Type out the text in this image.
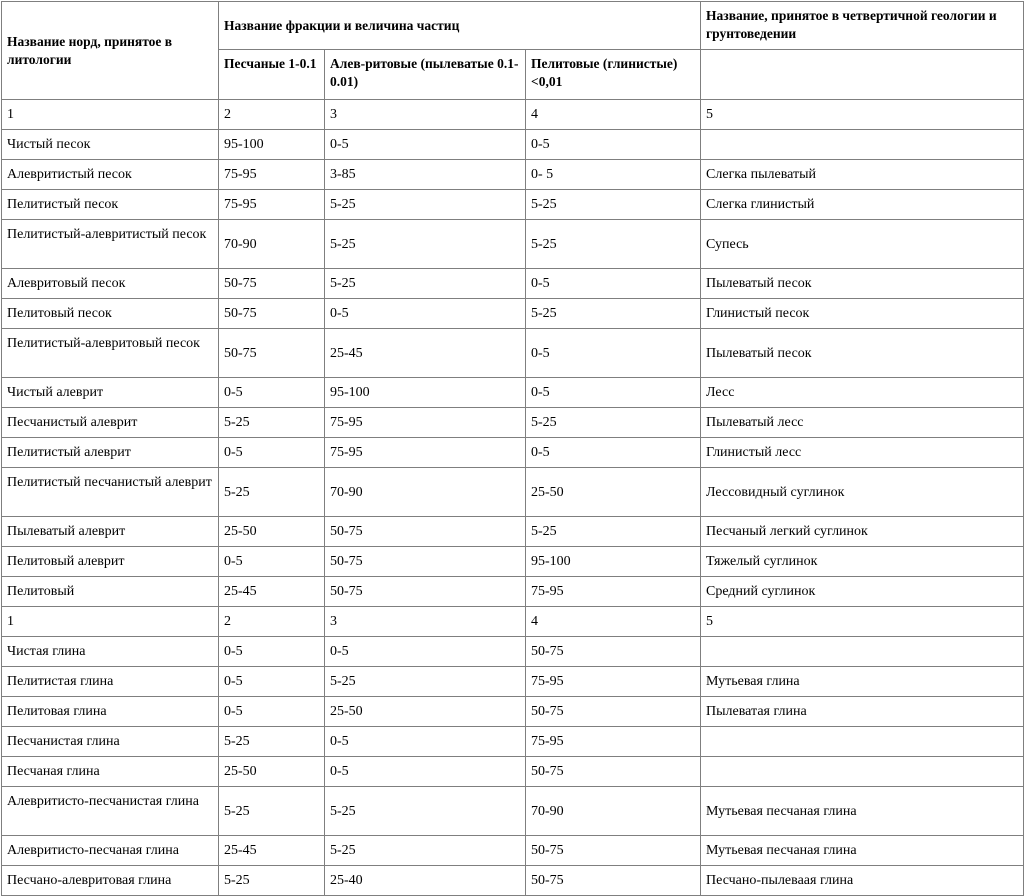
Название норд, принятое в литологии	Название фракции и величина частиц			Название, принятое в четвертичной геологии и грунтоведении
	Песчаные 1-0.1	Алев-ритовые (пылеватые 0.1-0.01)	Пелитовые (глинистые) <0,01	
1	2	3	4	5
Чистый песок	95-100	0-5	0-5	
Алевритистый песок	75-95	3-85	0- 5	Слегка пылеватый
Пелитистый песок	75-95	5-25	5-25	Слегка глинистый
Пелитистый-алевритистый песок	70-90	5-25	5-25	Супесь
Алевритовый песок	50-75	5-25	0-5	Пылеватый песок
Пелитовый песок	50-75	0-5	5-25	Глинистый песок
Пелитистый-алевритовый песок	50-75	25-45	0-5	Пылеватый песок
Чистый алеврит	0-5	95-100	0-5	Лесс
Песчанистый алеврит	5-25	75-95	5-25	Пылеватый лесс
Пелитистый алеврит	0-5	75-95	0-5	Глинистый лесс
Пелитистый песчанистый алеврит	5-25	70-90	25-50	Лессовидный суглинок
Пылеватый алеврит	25-50	50-75	5-25	Песчаный легкий суглинок
Пелитовый алеврит	0-5	50-75	95-100	Тяжелый суглинок
Пелитовый	25-45	50-75	75-95	Средний суглинок
1	2	3	4	5
Чистая глина	0-5	0-5	50-75	
Пелитистая глина	0-5	5-25	75-95	Мутьевая глина
Пелитовая глина	0-5	25-50	50-75	Пылеватая глина
Песчанистая глина	5-25	0-5	75-95	
Песчаная глина	25-50	0-5	50-75	
Алевритисто-песчанистая глина	5-25	5-25	70-90	Мутьевая песчаная глина
Алевритисто-песчаная глина	25-45	5-25	50-75	Мутьевая песчаная глина
Песчано-алевритовая глина	5-25	25-40	50-75	Песчано-пылеваая глина
